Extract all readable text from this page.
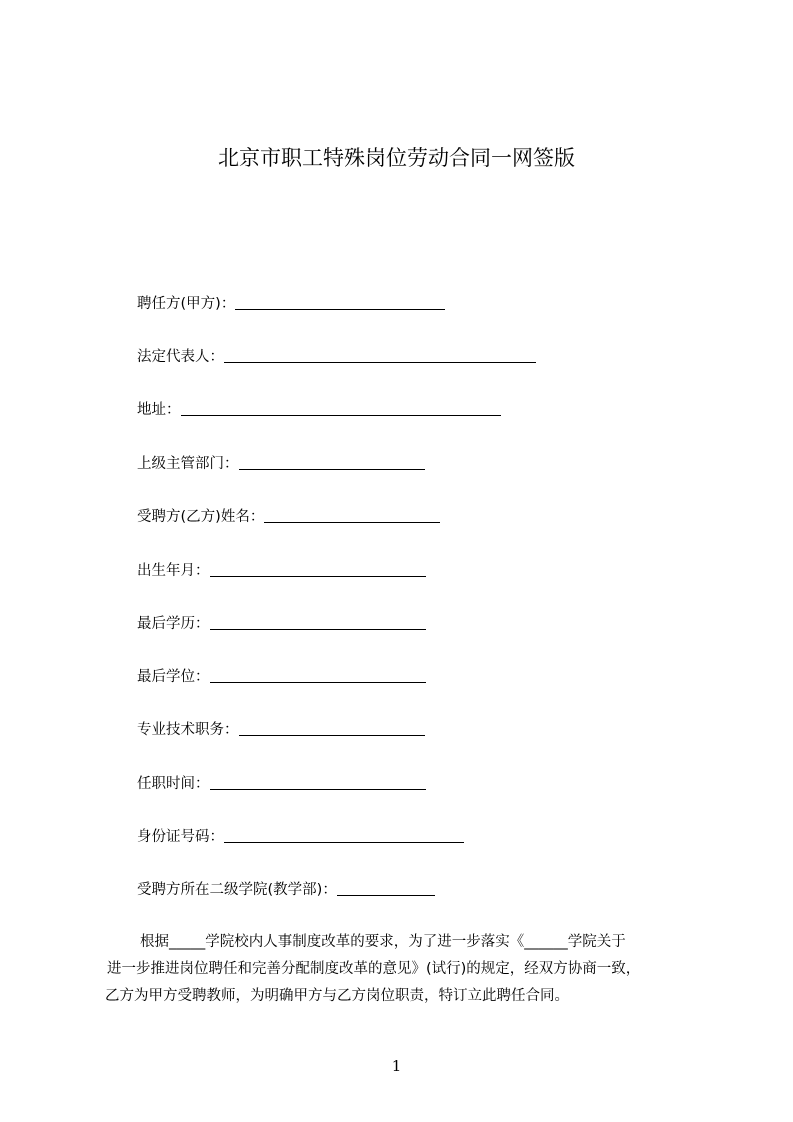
北京市职工特殊岗位劳动合同一网签版
聘任方(甲方)：
法定代表人：
地址：
上级主管部门：
受聘方(乙方)姓名：
出生年月：
最后学历：
最后学位：
专业技术职务：
任职时间：
身份证号码：
受聘方所在二级学院(教学部)：
根据_____学院校内人事制度改革的要求，为了进一步落实《______学院关于
进一步推进岗位聘任和完善分配制度改革的意见》(试行)的规定，经双方协商一致，
乙方为甲方受聘教师，为明确甲方与乙方岗位职责，特订立此聘任合同。
1
